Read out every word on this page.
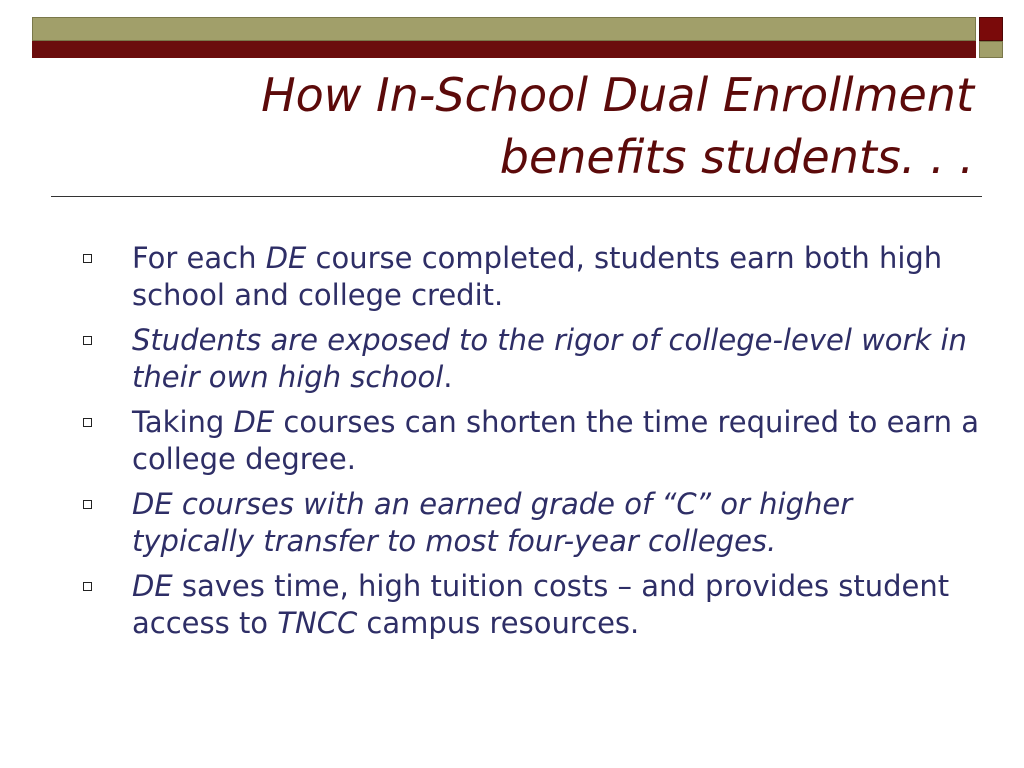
How In-School Dual Enrollment
benefits students. . .
For each DE course completed, students earn both high school and college credit.
Students are exposed to the rigor of college-level work in their own high school.
Taking DE courses can shorten the time required to earn a college degree.
DE courses with an earned grade of “C” or higher typically transfer to most four-year colleges.
DE saves time, high tuition costs – and provides student access to TNCC campus resources.
